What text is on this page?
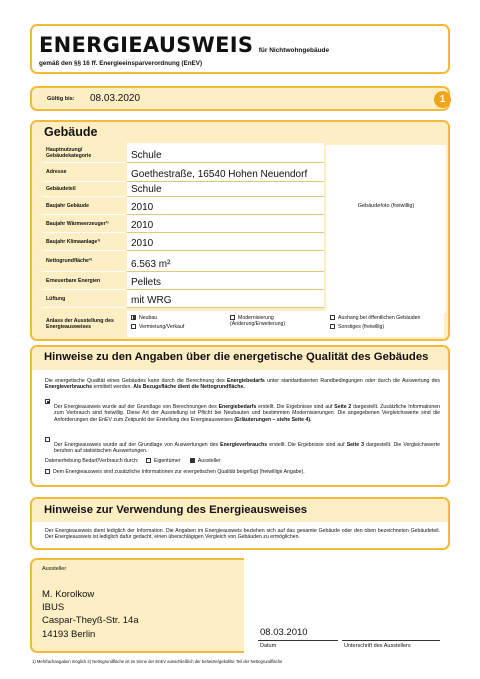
ENERGIEAUSWEIS für Nichtwohngebäude
gemäß den §§ 16 ff. Energieeinsparverordnung (EnEV)
Gültig bis: 08.03.2020	1
Gebäude
Gebäudefoto (freiwillig)
Hauptnutzung/ Gebäudekategorie	Schule
Adresse	Goethestraße, 16540 Hohen Neuendorf
Gebäudeteil	Schule
Baujahr Gebäude	2010
Baujahr Wärmeerzeuger¹⁾	2010
Baujahr Klimaanlage¹⁾	2010
Nettogrundfläche²⁾	6.563 m²
Erneuerbare Energien	Pellets
Lüftung	mit WRG
Anlass der Ausstellung des Energieausweises
Neubau
Vermietung/Verkauf
Modernisierung (Änderung/Erweiterung)
Aushang bei öffentlichen Gebäuden
Sonstiges (freiwillig)
Hinweise zu den Angaben über die energetische Qualität des Gebäudes
Die energetische Qualität eines Gebäudes kann durch die Berechnung des Energiebedarfs unter standardisierten Randbedingungen oder durch die Auswertung des Energieverbrauchs ermittelt werden. Als Bezugsfläche dient die Nettogrundfläche.
Der Energieausweis wurde auf der Grundlage von Berechnungen des Energiebedarfs erstellt. Die Ergebnisse sind auf Seite 2 dargestellt. Zusätzliche Informationen zum Verbrauch sind freiwillig. Diese Art der Ausstellung ist Pflicht bei Neubauten und bestimmten Modernisierungen. Die angegebenen Vergleichswerte sind die Anforderungen der EnEV zum Zeitpunkt der Erstellung des Energieausweises (Erläuterungen – siehe Seite 4).
Der Energieausweis wurde auf der Grundlage von Auswertungen des Energieverbrauchs erstellt. Die Ergebnisse sind auf Seite 3 dargestellt. Die Vergleichswerte beruhen auf statistischen Auswertungen.
Datenerhebung Bedarf/Verbrauch durch:	Eigentümer	Aussteller
Dem Energieausweis sind zusätzliche Informationen zur energetischen Qualität beigefügt (freiwillige Angabe).
Hinweise zur Verwendung des Energieausweises
Der Energieausweis dient lediglich der Information. Die Angaben im Energieausweis beziehen sich auf das gesamte Gebäude oder den oben bezeichneten Gebäudeteil. Der Energieausweis ist lediglich dafür gedacht, einen überschlägigen Vergleich von Gebäuden zu ermöglichen.
Aussteller
M. Korolkow
IBUS
Caspar-Theyß-Str. 14a
14193 Berlin	08.03.2010
Datum	Unterschrift des Ausstellers
1) Mehrfachangaben möglich 2) Nettogrundfläche ist im Sinne der EnEV ausschließlich der beheizte/gekühlte Teil der Nettogrundfläche
